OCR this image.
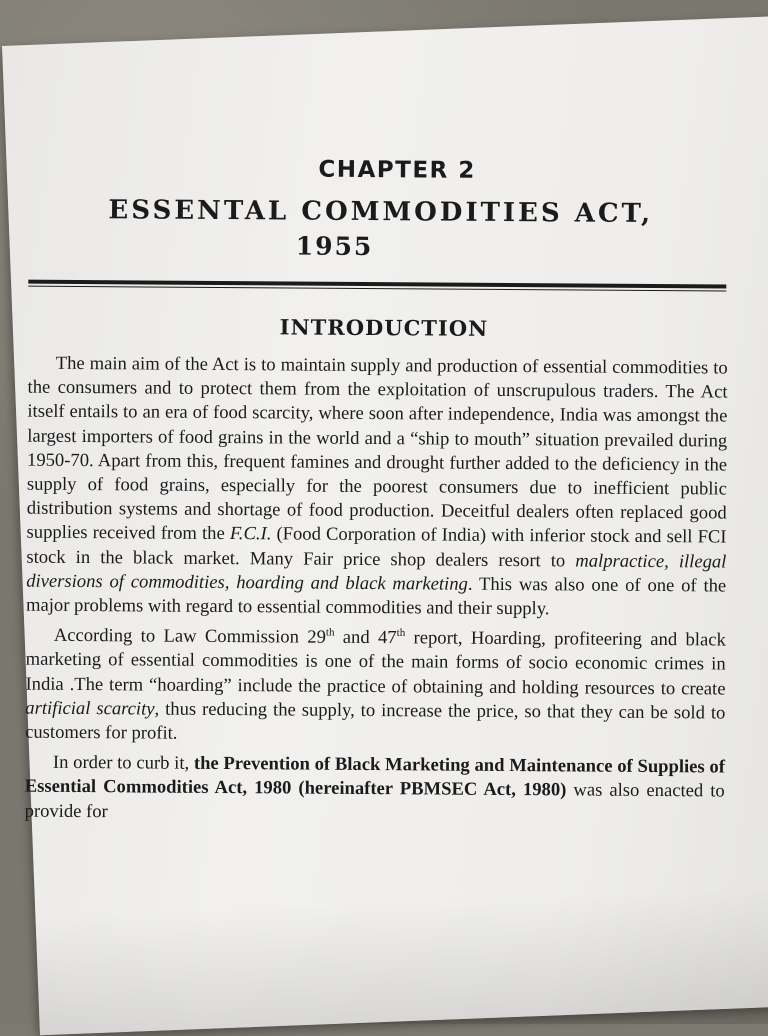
CHAPTER 2
ESSENTAL COMMODITIES ACT,
1955
INTRODUCTION

The main aim of the Act is to maintain supply and production of essential commodities to the consumers and to protect them from the exploitation of unscrupulous traders. The Act itself entails to an era of food scarcity, where soon after independence, India was amongst the largest importers of food grains in the world and a “ship to mouth” situation prevailed during 1950-70. Apart from this, frequent famines and drought further added to the deficiency in the supply of food grains, especially for the poorest consumers due to inefficient public distribution systems and shortage of food production. Deceitful dealers often replaced good supplies received from the F.C.I. (Food Corporation of India) with inferior stock and sell FCI stock in the black market. Many Fair price shop dealers resort to malpractice, illegal diversions of commodities, hoarding and black marketing. This was also one of one of the major problems with regard to essential commodities and their supply.

According to Law Commission 29th and 47th report, Hoarding, profiteering and black marketing of essential commodities is one of the main forms of socio economic crimes in India .The term “hoarding” include the practice of obtaining and holding resources to create artificial scarcity, thus reducing the supply, to increase the price, so that they can be sold to customers for profit.

In order to curb it, the Prevention of Black Marketing and Maintenance of Supplies of Essential Commodities Act, 1980 (hereinafter PBMSEC Act, 1980) was also enacted to provide for
